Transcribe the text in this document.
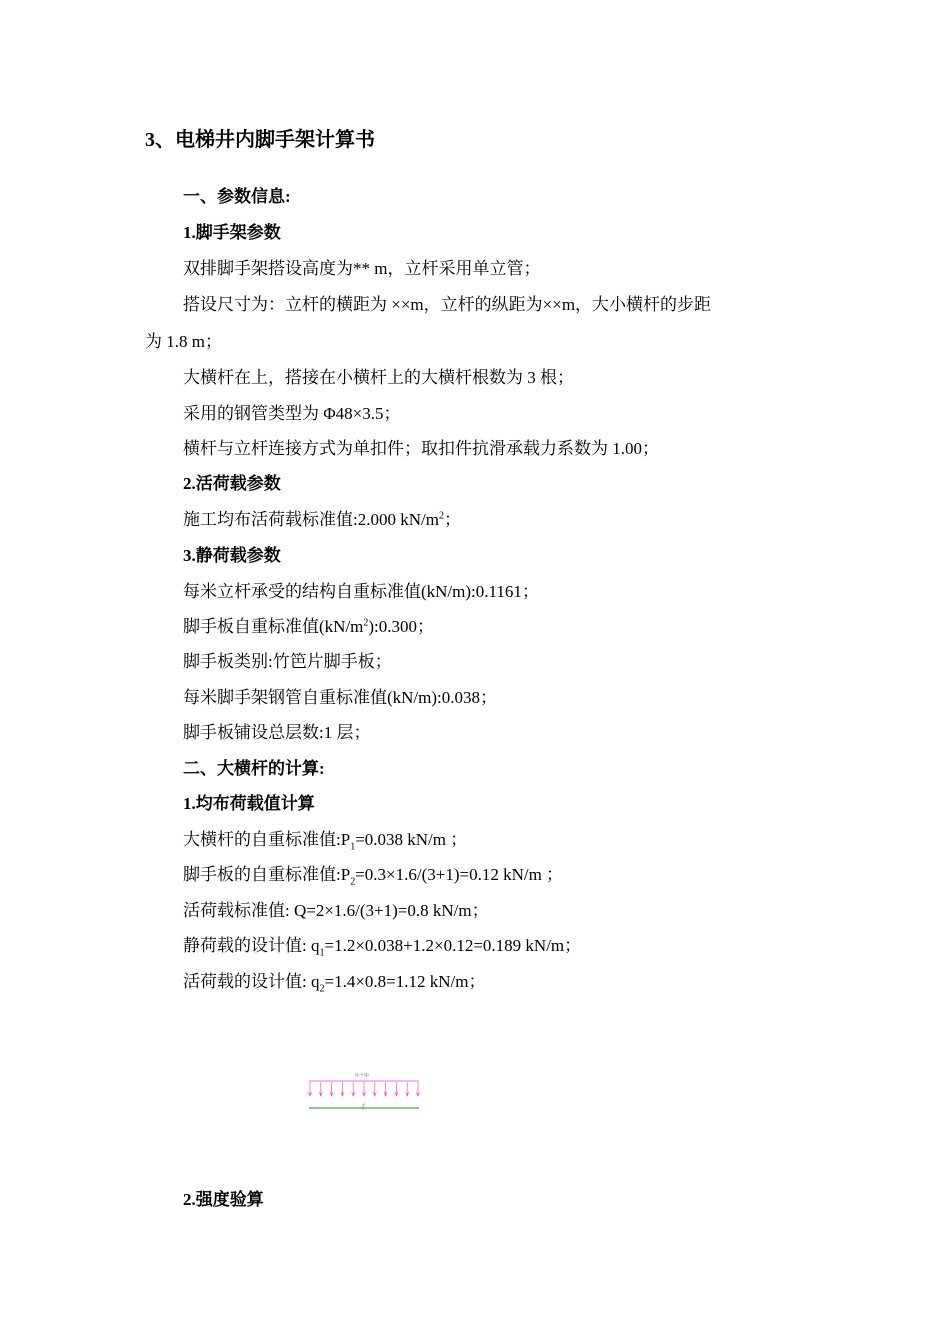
3、电梯井内脚手架计算书
一、参数信息:
1.脚手架参数
双排脚手架搭设高度为** m，立杆采用单立管；
搭设尺寸为：立杆的横距为 ××m，立杆的纵距为××m，大小横杆的步距
为 1.8 m；
大横杆在上，搭接在小横杆上的大横杆根数为 3 根；
采用的钢管类型为 Φ48×3.5；
横杆与立杆连接方式为单扣件；取扣件抗滑承载力系数为 1.00；
2.活荷载参数
施工均布活荷载标准值:2.000 $kN/m^2$；
3.静荷载参数
每米立杆承受的结构自重标准值(kN/m):0.1161；
脚手板自重标准值$(kN/m^2):0.300$；
脚手板类别:竹笆片脚手板；
每米脚手架钢管自重标准值(kN/m):0.038；
脚手板铺设总层数:1 层；
二、大横杆的计算:
1.均布荷载值计算
大横杆的自重标准值$:P_1=0.038$ kN/m ；
脚手板的自重标准值$:P_2=0.3\times 1.6/(3+1)=0.12$ kN/m ；
活荷载标准值: Q=2×1.6/(3+1)=0.8 kN/m；
静荷载的设计值: $q_1=1.2\times 0.038+1.2\times 0.12=0.189$ kN/m；
活荷载的设计值: $q_2=1.4\times 0.8=1.12$ kN/m；
q₁+q₂
l
2.强度验算
